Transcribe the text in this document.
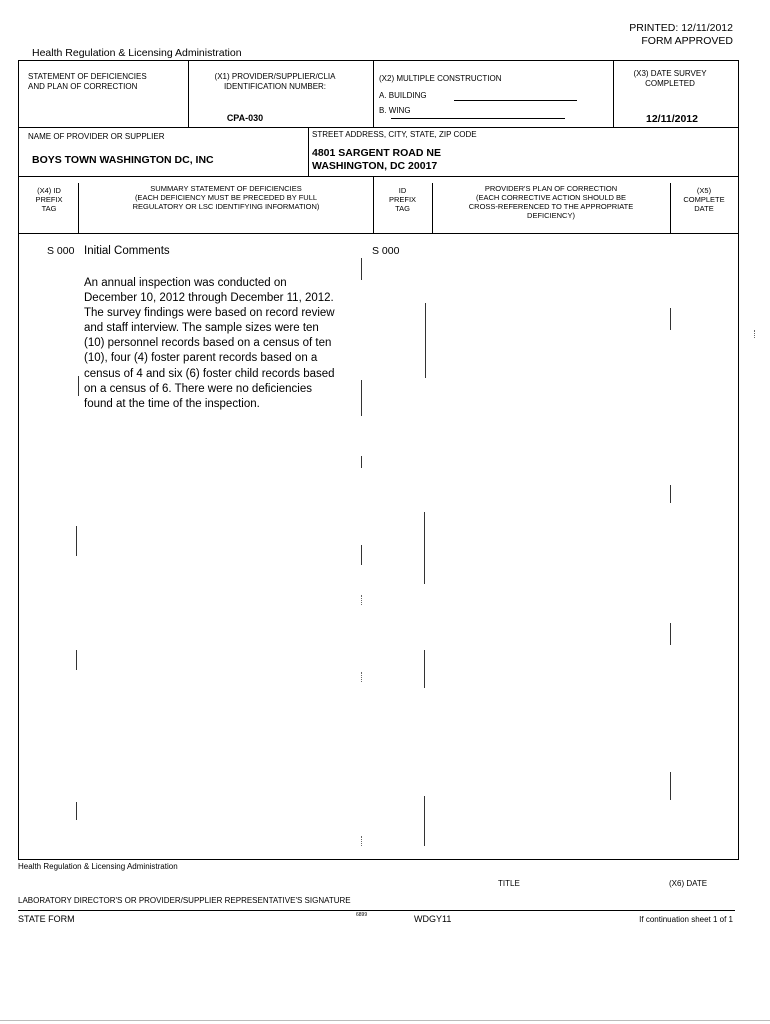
PRINTED: 12/11/2012
FORM APPROVED
Health Regulation & Licensing Administration
STATEMENT OF DEFICIENCIES
AND PLAN OF CORRECTION
(X1) PROVIDER/SUPPLIER/CLIA
IDENTIFICATION NUMBER:
CPA-030
(X2) MULTIPLE CONSTRUCTION
A. BUILDING
B. WING
(X3) DATE SURVEY
COMPLETED
12/11/2012
NAME OF PROVIDER OR SUPPLIER
BOYS TOWN WASHINGTON DC, INC
STREET ADDRESS, CITY, STATE, ZIP CODE
4801 SARGENT ROAD NE
WASHINGTON, DC 20017
(X4) ID
PREFIX
TAG
SUMMARY STATEMENT OF DEFICIENCIES
(EACH DEFICIENCY MUST BE PRECEDED BY FULL
REGULATORY OR LSC IDENTIFYING INFORMATION)
ID
PREFIX
TAG
PROVIDER'S PLAN OF CORRECTION
(EACH CORRECTIVE ACTION SHOULD BE
CROSS-REFERENCED TO THE APPROPRIATE
DEFICIENCY)
(X5)
COMPLETE
DATE
S 000 Initial Comments
An annual inspection was conducted on
December 10, 2012 through December 11, 2012.
The survey findings were based on record review
and staff interview. The sample sizes were ten
(10) personnel records based on a census of ten
(10), four (4) foster parent records based on a
census of 4 and six (6) foster child records based
on a census of 6. There were no deficiencies
found at the time of the inspection.
S 000
Health Regulation & Licensing Administration
TITLE	(X6) DATE
LABORATORY DIRECTOR'S OR PROVIDER/SUPPLIER REPRESENTATIVE'S SIGNATURE
STATE FORM	6899	WDGY11	If continuation sheet 1 of 1
